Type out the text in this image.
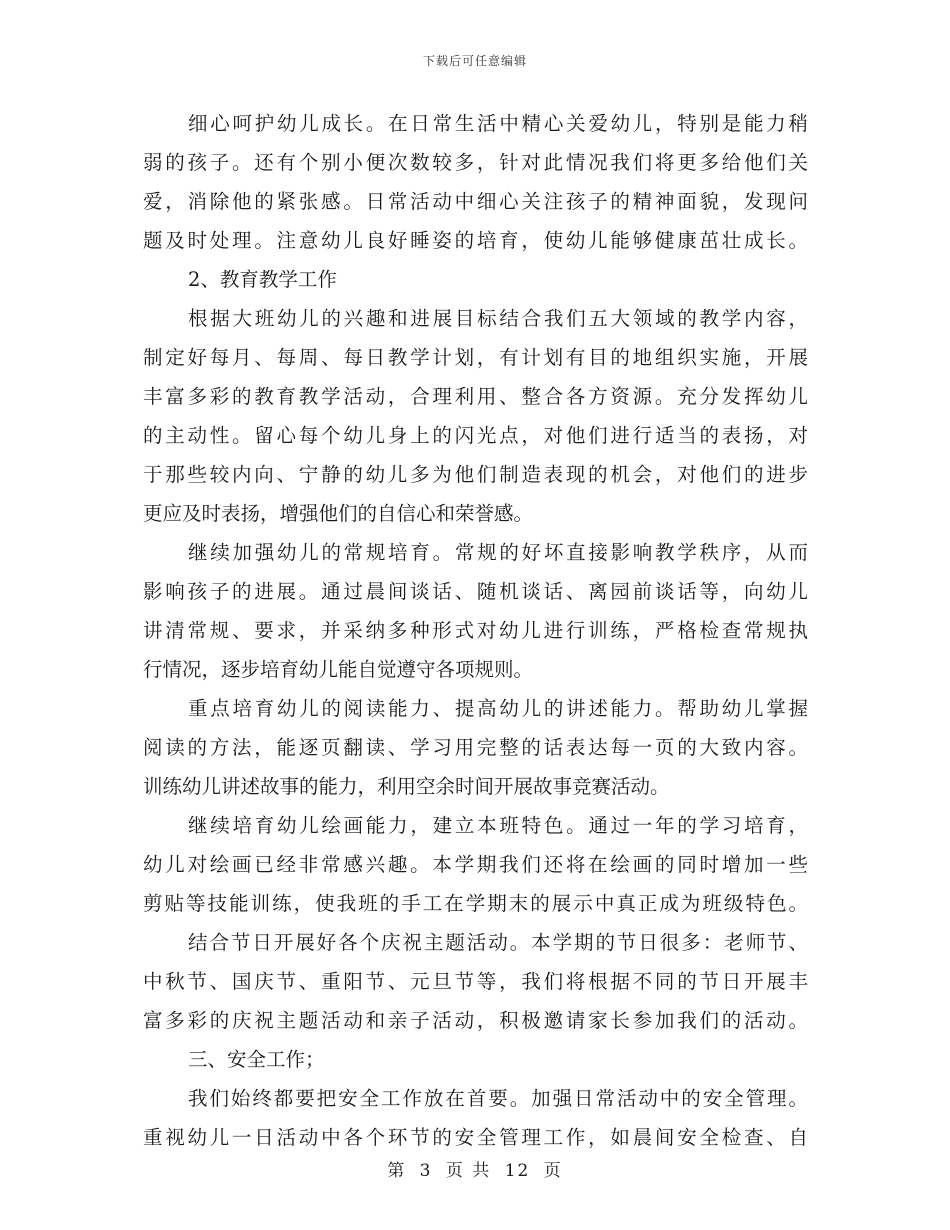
下载后可任意编辑
细心呵护幼儿成长。在日常生活中精心关爱幼儿，特别是能力稍
弱的孩子。还有个别小便次数较多，针对此情况我们将更多给他们关
爱，消除他的紧张感。日常活动中细心关注孩子的精神面貌，发现问
题及时处理。注意幼儿良好睡姿的培育，使幼儿能够健康茁壮成长。
2、教育教学工作
根据大班幼儿的兴趣和进展目标结合我们五大领域的教学内容，
制定好每月、每周、每日教学计划，有计划有目的地组织实施，开展
丰富多彩的教育教学活动，合理利用、整合各方资源。充分发挥幼儿
的主动性。留心每个幼儿身上的闪光点，对他们进行适当的表扬，对
于那些较内向、宁静的幼儿多为他们制造表现的机会，对他们的进步
更应及时表扬，增强他们的自信心和荣誉感。
继续加强幼儿的常规培育。常规的好坏直接影响教学秩序，从而
影响孩子的进展。通过晨间谈话、随机谈话、离园前谈话等，向幼儿
讲清常规、要求，并采纳多种形式对幼儿进行训练，严格检查常规执
行情况，逐步培育幼儿能自觉遵守各项规则。
重点培育幼儿的阅读能力、提高幼儿的讲述能力。帮助幼儿掌握
阅读的方法，能逐页翻读、学习用完整的话表达每一页的大致内容。
训练幼儿讲述故事的能力，利用空余时间开展故事竞赛活动。
继续培育幼儿绘画能力，建立本班特色。通过一年的学习培育，
幼儿对绘画已经非常感兴趣。本学期我们还将在绘画的同时增加一些
剪贴等技能训练，使我班的手工在学期末的展示中真正成为班级特色。
结合节日开展好各个庆祝主题活动。本学期的节日很多：老师节、
中秋节、国庆节、重阳节、元旦节等，我们将根据不同的节日开展丰
富多彩的庆祝主题活动和亲子活动，积极邀请家长参加我们的活动。
三、安全工作；
我们始终都要把安全工作放在首要。加强日常活动中的安全管理。
重视幼儿一日活动中各个环节的安全管理工作，如晨间安全检查、自
第 3 页 共 12 页
